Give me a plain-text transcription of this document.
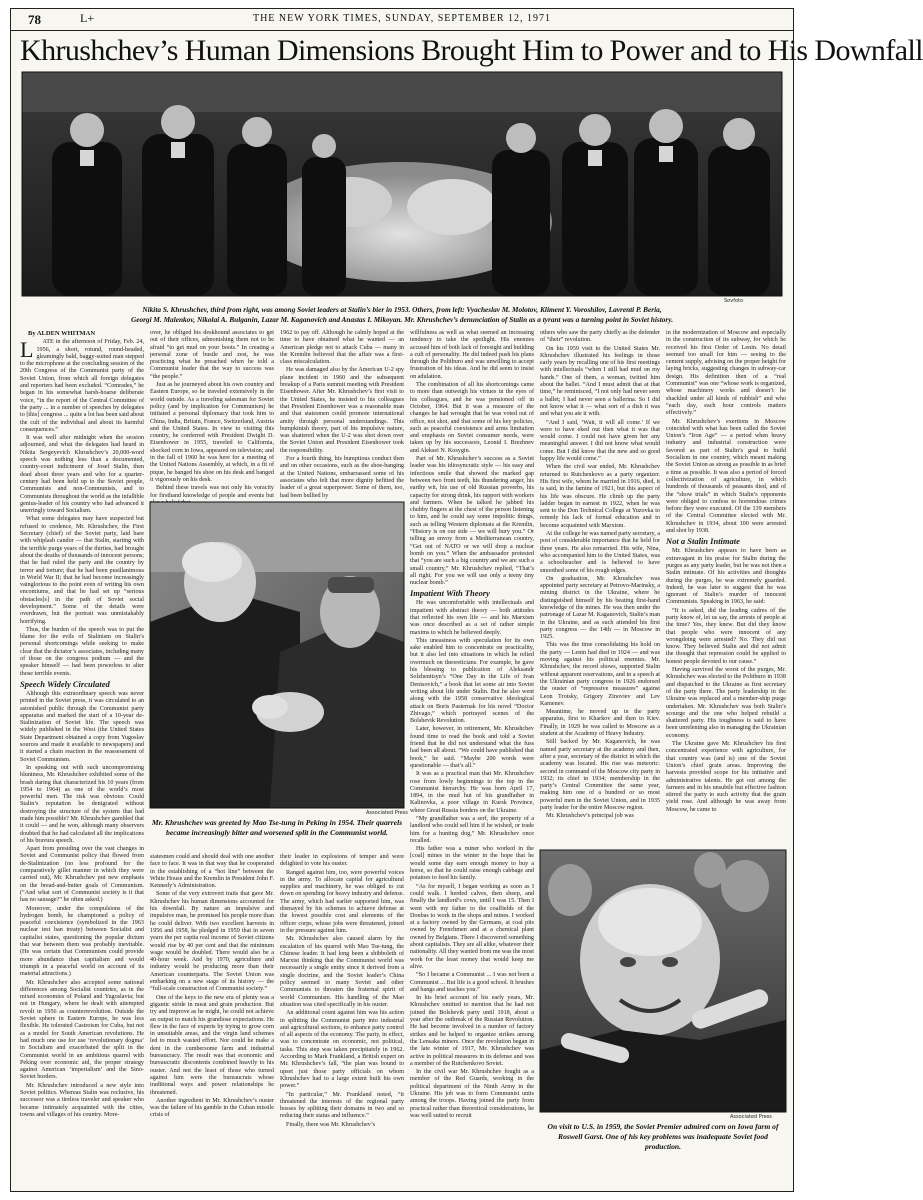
78	L+	THE NEW YORK TIMES, SUNDAY, SEPTEMBER 12, 1971
Khrushchev’s Human Dimensions Brought Him to Power and to His Downfall
Sovfoto
Nikita S. Khrushchev, third from right, was among Soviet leaders at Stalin’s bier in 1953. Others, from left: Vyacheslav M. Molotov, Kliment Y. Voroshilov, Lavrenti P. Beria,
Georgi M. Malenkov, Nikolai A. Bulganin, Lazar M. Kaganovich and Anastas I. Mikoyan. Mr. Khrushchev’s denunciation of Stalin as a tyrant was a turning point in Soviet history.
By ALDEN WHITMAN
L	ATE in the afternoon of Friday, Feb. 24, 1956, a short, rotund, round-headed, gleamingly bald, baggy-suited man stepped to the microphone at the concluding session of the 20th Congress of the Communist party of the Soviet Union, from which all foreign delegates and reporters had been excluded. “Comrades,” he began in his somewhat harsh-hoarse deliberate voice, “in the report of the Central Committee of the party ... in a number of speeches by delegates to [this] congress ... quite a lot has been said about the cult of the individual and about its harmful consequences.”

It was well after midnight when the session adjourned, and what the delegates had heard in Nikita Sergeyevich Khrushchev’s 20,000-word speech was nothing less than a documented, country-court indictment of Josef Stalin, then dead about three years and who for a quarter-century had been held up to the Soviet people, Communists and non-Communists, and to Communists throughout the world as the infallible genius-leader of his country who had advanced it unerringly toward Socialism.

What some delegates may have suspected but refused to credence, Mr. Khrushchev, the First Secretary (chief) of the Soviet party, laid bare with whiplash candor — that Stalin, starting with the terrible purge years of the thirties, had brought about the deaths of thousands of innocent persons; that he had ruled the party and the country by terror and torture; that he had been pusillanimous in World War II; that he had become increasingly vainglorious to the point even of writing his own encomiums, and that he had set up “serious obstacles[s] in the path of Soviet social development.” Some of the details were overdrawn, but the portrait was unmistakably horrifying.

Thus, the burden of the speech was to put the blame for the evils of Stalinism on Stalin’s personal shortcomings while seeking to make clear that the dictator’s associates, including many of those on the congress podium — and the speaker himself — had been powerless to alter those terrible events.

Speech Widely Circulated

Although this extraordinary speech was never printed in the Soviet press, it was circulated to an astonished public through the Communist party apparatus and marked the start of a 10-year de-Stalinization of Soviet life. The speech was widely published in the West (the United States State Department obtained a copy from Yugoslav sources and made it available to newspapers) and it started a chain reaction in the reassessment of Soviet Communism.

In speaking out with such uncompromising bluntness, Mr. Khrushchev exhibited some of the brash daring that characterized his 10 years (from 1954 to 1964) as one of the world’s most powerful men. The risk was obvious: Could Stalin’s reputation be denigrated without destroying the structure of the system that had made him possible? Mr. Khrushchev gambled that it could — and he won, although many observers doubted that he had calculated all the implications of his bravura speech.

Apart from presiding over the vast changes in Soviet and Communist policy that flowed from de-Stalinization (no less profound for the comparatively gillet manner in which they were carried out), Mr. Khrushchev put new emphasis on the bread-and-butter goals of Communism. (“And what sort of Communist society is it that has no sausage?” he often asked.)

Moreover, under the compulsions of the hydrogen bomb, he championed a policy of peaceful coexistence (symbolized in the 1963 nuclear test ban treaty) between Socialist and capitalist states, questioning the popular dictum that war between them was probably inevitable. (He was certain that Communism could provide more abundance than capitalism and would triumph in a peaceful world on account of its material attractions.)

Mr. Khrushchev also accepted some national differences among Socialist countries, as in the mixed economies of Poland and Yugoslavia; but not in Hungary, where he dealt with attempted revolt in 1956 as counterrevolution. Outside the Soviet sphere in Eastern Europe, he was less flexible. He tolerated Castroism for Cuba, but not as a model for South American revolutions. He had much one use for use ‘revolutionary dogma’ in Socialism and exacerbated the split in the Communist world in an ambitious quarrel with Peking over economic aid, the proper strategy against American ‘imperialism’ and the Sino-Soviet borders.

Mr. Khrushchev introduced a new style into Soviet politics. Whereas Stalin was reclusive, his successor was a tireless traveler and speaker who became intimately acquainted with the cities, towns and villages of his country. More-

over, he obliged his deskhound associates to get out of their offices, admonishing them not to be afraid “to get mud on your boots.” In creating a personal zone of bustle and zest, he was practicing what he preached when he told a Communist leader that the way to success was “the people.”

Just as he journeyed about his own country and Eastern Europe, so he traveled extensively in the world outside. As a traveling salesman for Soviet policy (and by implication for Communism) he initiated a personal diplomacy that took him to China, India, Britain, France, Switzerland, Austria and the United States. In view to visiting this country, he conferred with President Dwight D. Eisenhower in 1955, traveled to California, shocked corn in Iowa, appeared on television; and in the fall of 1960 he was here for a meeting of the United Nations Assembly, at which, in a fit of pique, he banged his shoe on his desk and banged it vigorously on his desk.

Behind these travels was not only his voracity for firsthand knowledge of people and events but

1962 to pay off. Although he calmly hoped at the time to have obtained what he wanted — an American pledge not to attack Cuba — many in the Kremlin believed that the affair was a first-class miscalculation.

He was damaged also by the American U-2 spy plane incident in 1960 and the subsequent breakup of a Paris summit meeting with President Eisenhower. After Mr. Khrushchev’s first visit to the United States, he insisted to his colleagues that President Eisenhower was a reasonable man and that statesmen could promote international amity through personal understandings. This bumpkinish theory, part of his impulsive nature, was shattered when the U-2 was shot down over the Soviet Union and President Eisenhower took the responsibility.

For a fourth thing, his bumptious conduct then and on other occasions, such as the shoe-banging at the United Nations, embarrassed some of his associates who felt that more dignity befitted the leader of a great superpower. Some of them, too, had been bullied by

Associated Press
Mr. Khrushchev was greeted by Mao Tse-tung in Peking in 1954. Their quarrels became increasingly bitter and worsened split in the Communist world.

statesmen could and should deal with one another face to face. It was in that way that he cooperated in the establishing of a “hot line” between the White House and the Kremlin in President John F. Kennedy’s Administration.

Some of the very extrovert traits that gave Mr. Khrushchev his human dimensions accounted for his downfall. By nature an impulsive and impulsive man, he promised his people more than he could deliver. With two excellent harvests in 1956 and 1958, he pledged in 1959 that in seven years the per capita real income of Soviet citizens would rise by 40 per cent and that the minimum wage would be doubled. There would also be a 40-hour week. And by 1970, agriculture and industry would be producing more than their American counterparts. The Soviet Union was embarking on a new stage of its history — the “full-scale construction of Communist society.”

One of the keys to the new era of plenty was a gigantic stride in meat and grain production. But try and improve as he might, he could not achieve an output to match his grandiose expectations. He flew in the face of experts by trying to grow corn in unsuitable areas, and the virgin land schemes led to much wasted effort. Nor could he make a dent in the cumbersome farm and industrial bureaucracy. The result was that economic and bureaucratic discontents combined heavily to his ouster. And not the least of those who turned against him were the bureaucrats whose traditional ways and power relationships he threatened.

Another ingredient in Mr. Khrushchev’s ouster was the failure of his gamble in the Cuban missile crisis of

their leader in explosions of temper and were delighted to vote his ouster.

Ranged against him, too, were powerful voices in the army. To allocate capital for agricultural supplies and machinery, he was obliged to cut down on spending for heavy industry and defense. The army, which had earlier supported him, was dismayed by his schemes to achieve defense at the lowest possible cost and elements of the officer corps, whose jobs were threatened, joined in the pressure against him.

Mr. Khrushchev also caused alarm by the escalation of his quarrel with Mao Tse-tung, the Chinese leader. It had long been a shibboleth of Marxist thinking that the Communist world was necessarily a single entity since it derived from a single doctrine, and the Soviet leader’s China policy seemed to many Soviet and other Communists to threaten the fraternal spirit of world Communism. His handling of the Mao situation was cited specifically in his ouster.

An additional count against him was his action in splitting the Communist party into industrial and agricultural sections, to enhance party control of all aspects of the economy. The party, in effect, was to concentrate on economic, not political, tasks. This step was taken precipitately in 1962. According to Mark Frankland, a British expert on Mr. Khrushchev’s fall, “the plan was bound to upset just those party officials on whom Khrushchev had to a large extent built his own power.”

“In particular,” Mr. Frankland noted, “it threatened the interests of the regional party bosses by splitting their domains in two and so reducing their status and influence.”

Finally, there was Mr. Khrushchev’s

willfulness as well as what seemed an increasing tendency to take the spotlight. His enemies accused him of both lack of foresight and building a cult of personality. He did indeed push his plans through the Politburo and was unwilling to accept frustration of his ideas. And he did seem to insist on adulation.

The combination of all his shortcomings came to more than outweigh his virtues in the eyes of his colleagues, and he was pensioned off in October, 1964. But it was a measure of the changes he had wrought that he was voted out of office, not shot, and that some of his key policies, such as peaceful coexistence and arms limitation and emphasis on Soviet consumer needs, were taken up by his successors, Leonid I. Brezhnev and Aleksei N. Kosygin.

Part of Mr. Khrushchev’s success as a Soviet leader was his idiosyncratic style — his easy and infectious smile that showed the marked gap between two front teeth, his thundering anger, his earthy wit, his use of old Russian proverbs, his capacity for strong drink, his rapport with workers and farmers. When he talked he jabbed his chubby fingers at the chest of the person listening to him, and he could say some impolitic things, such as telling Western diplomats at the Kremlin, “History is on our side — we will bury you.” Or telling an envoy from a Mediterranean country, “Get out of NATO or we will drop a nuclear bomb on you.” When the ambassador protested that “you are such a big country and we are such a small country,” Mr. Khrushchev replied, “That’s all right. For you we will use only a teeny tiny nuclear bomb.”

Impatient With Theory

He was uncomfortable with intellectuals and impatient with abstract theory — both attitudes that reflected his own life — and his Marxism was once described as a set of rather simple maxims to which he believed deeply.

This uneasiness with speculation for its own sake enabled him to concentrate on practicality, but it also led into situations in which he relied overmuch on theoreticians. For example, he gave his blessing to publication of Aleksandr Solzhenitsyn’s “One Day in the Life of Ivan Denisovich,” a book that let some air into Soviet writing about life under Stalin. But he also went along with the 1958 conservative ideological attack on Boris Pasternak for his novel “Doctor Zhivago,” which portrayed scenes of the Bolshevik Revolution.

Later, however, in retirement, Mr. Khrushchev found time to read the book and told a Soviet friend that he did not understand what the fuss had been all about. “We could have published that book,” he said. “Maybe 200 words were questionable — that’s all.”

It was as a practical man that Mr. Khrushchev rose from lowly beginnings to the top in the Communist hierarchy. He was born April 17, 1894, in the mud hut of his grandfather in Kalinovka, a poor village in Kursk Province, where Great Russia borders on the Ukraine.

“My grandfather was a serf, the property of a landlord who could sell him if he wished, or trade him for a hunting dog,” Mr. Khrushchev once recalled.

His father was a miner who worked in the [coal] mines in the winter in the hope that he would some day earn enough money to buy a horse, so that he could raise enough cabbage and potatoes to feed his family.

“As for myself, I began working as soon as I could walk. I herded calves, then sheep, and finally the landlord’s cows, until I was 15. Then I went with my father to the coalfields of the Donbas to work in the shops and mines. I worked at a factory owned by the Germans, at coal pits owned by Frenchmen and at a chemical plant owned by Belgians. There I discovered something about capitalists. They are all alike, whatever their nationality. All they wanted from me was the most work for the least money that would keep me alive.

“So I became a Communist ... I was not born a Communist ... But life is a good school. It brushes and bangs and teaches you.”

In his brief account of his early years, Mr. Khrushchev omitted to mention that he had not joined the Bolshevik party until 1918, about a year after the outbreak of the Russian Revolution. He had become involved in a number of factory strikes and he helped to organize strikes among the Lensaka miners. Once the revolution began in the late winter of 1917, Mr. Khrushchev was active in political measures in its defense and was a member of the Rutchenkovo Soviet.

In the civil war Mr. Khrushchev fought as a member of the Red Guards, working in the political department of the Ninth Army in the Ukraine. His job was to form Communist units among the troops. Having joined the party from practical rather than theoretical considerations, he was well suited to recruit

others who saw the party chiefly as the defender of “their” revolution.

On his 1959 visit to the United States Mr. Khrushchev illustrated his feelings in those early years by recalling one of his first meetings with intellectuals “when I still had mud on my hands.” One of them, a woman, twitted him about the ballet. “And I must admit that at that time,” he reminisced, “I not only had never seen a ballet; I had never seen a ballerina. So I did not know what it — what sort of a dish it was and what you ate it with.

“And I said, ‘Wait, it will all come.’ If we were to have eked out then what it was that would come. I could not have given her any meaningful answer. I did not know what would come. But I did know that the new and so good happy life would come.”

When the civil war ended, Mr. Khrushchev returned to Rutchenkovo as a party organizer. His first wife, whom he married in 1916, died, it is said, in the famine of 1921, but this aspect of his life was obscure. He climb up the party ladder began in earnest in 1922, when he was sent to the Don Technical College at Yuzovka to remedy his lack of formal education and to become acquainted with Marxism.

At the college he was named party secretary, a post of considerable importance that he held for three years. He also remarried. His wife, Nina, who accompanied him to the United States, was a schoolteacher and is believed to have smoothed some of his rough edges.

On graduation, Mr. Khrushchev was appointed party secretary at Petrovo-Marinsky, a mining district in the Ukraine, where he distinguished himself by his beating first-hand knowledge of the mines. He was then under the patronage of Lazar M. Kaganovich, Stalin’s man in the Ukraine, and as such attended his first party congress — the 14th — in Moscow in 1925.

This was the time consolidating his hold on the party — Lenin had died in 1924 — and was moving against his political enemies. Mr. Khrushchev, the record shows, supported Stalin without apparent reservations, and in a speech at the Ukrainian party congress in 1926 endorsed the ouster of “repressive measures” against Leon Trotsky, Grigory Zinoviev and Lev Kamenev.

Meantime, he moved up in the party apparatus, first to Kharkov and then to Kiev. Finally, in 1929 he was called to Moscow as a student at the Academy of Heavy Industry.

Still backed by Mr. Kaganovich, he was named party secretary at the academy and then, after a year, secretary of the district in which the academy was located. His rise was meteoric: second in command of the Moscow city party in 1932; its chief in 1934; membership in the party’s Central Committee the same year, making him one of a hundred or so most powerful men in the Soviet Union, and in 1935 party leader for the entire Moscow region.

Mr. Khrushchev’s principal job was

in the modernization of Moscow and especially in the construction of its subway, for which he received his first Order of Lenin. No detail seemed too small for him — seeing to the cement supply, advising on the proper height for laying bricks, suggesting changes in subway-car design. His definition then of a “real Communist” was one “whose work is organized, whose machinery works and doesn’t lie shackled under all kinds of rubbish” and who “each day, each hour controls matters effectively.”

Mr. Khrushchev’s exertions in Moscow coincided with what has been called the Soviet Union’s “Iron Age” — a period when heavy industry and industrial construction were favored as part of Stalin’s goal to build Socialism in one country, which meant making the Soviet Union as strong as possible in as brief a time as possible. It was also a period of forced collectivization of agriculture, in which hundreds of thousands of peasants died, and of the “show trials” in which Stalin’s opponents were obliged to confess to horrendous crimes before they were executed. Of the 139 members of the Central Committee elected with Mr. Khrushchev in 1934, about 100 were arrested and shot by 1938.

Not a Stalin Intimate

Mr. Khrushchev appears to have been as extravagant in his praise for Stalin during the purges as any party leader, but he was not then a Stalin intimate. Of his activities and thoughts during the purges, he was extremely guarded. Indeed, he was later to suggest that he was ignorant of Stalin’s murder of innocent Communists. Speaking in 1963, he said:

“It is asked, did the leading cadres of the party know of, let us say, the arrests of people at the time? Yes, they knew. But did they know that people who were innocent of any wrongdoing were arrested? No. They did not know. They believed Stalin and did not admit the thought that repression could be applied to honest people devoted to our cause.”

Having survived the worst of the purges, Mr. Khrushchev was elected to the Politburo in 1938 and dispatched to the Ukraine as first secretary of the party there. The party leadership in the Ukraine was replaced and a member-ship purge undertaken. Mr. Khrushchev was both Stalin’s scourge and the one who helped rebuild a shattered party. His toughness is said to have been unrelenting also in managing the Ukrainian economy.

The Ukraine gave Mr. Khrushchev his first concentrated experience with agriculture, for that country was (and is) one of the Soviet Union’s chief grain areas. Improving the harvests provided scope for his initiative and administrative talents. He got out among the farmers and in his unsubtle but effective fashion stirred the party to such activity that the grain yield rose. And although he was away from Moscow, he came to

Associated Press
On visit to U.S. in 1959, the Soviet Premier admired corn on Iowa farm of Roswell Garst. One of his key problems was inadequate Soviet food production.
